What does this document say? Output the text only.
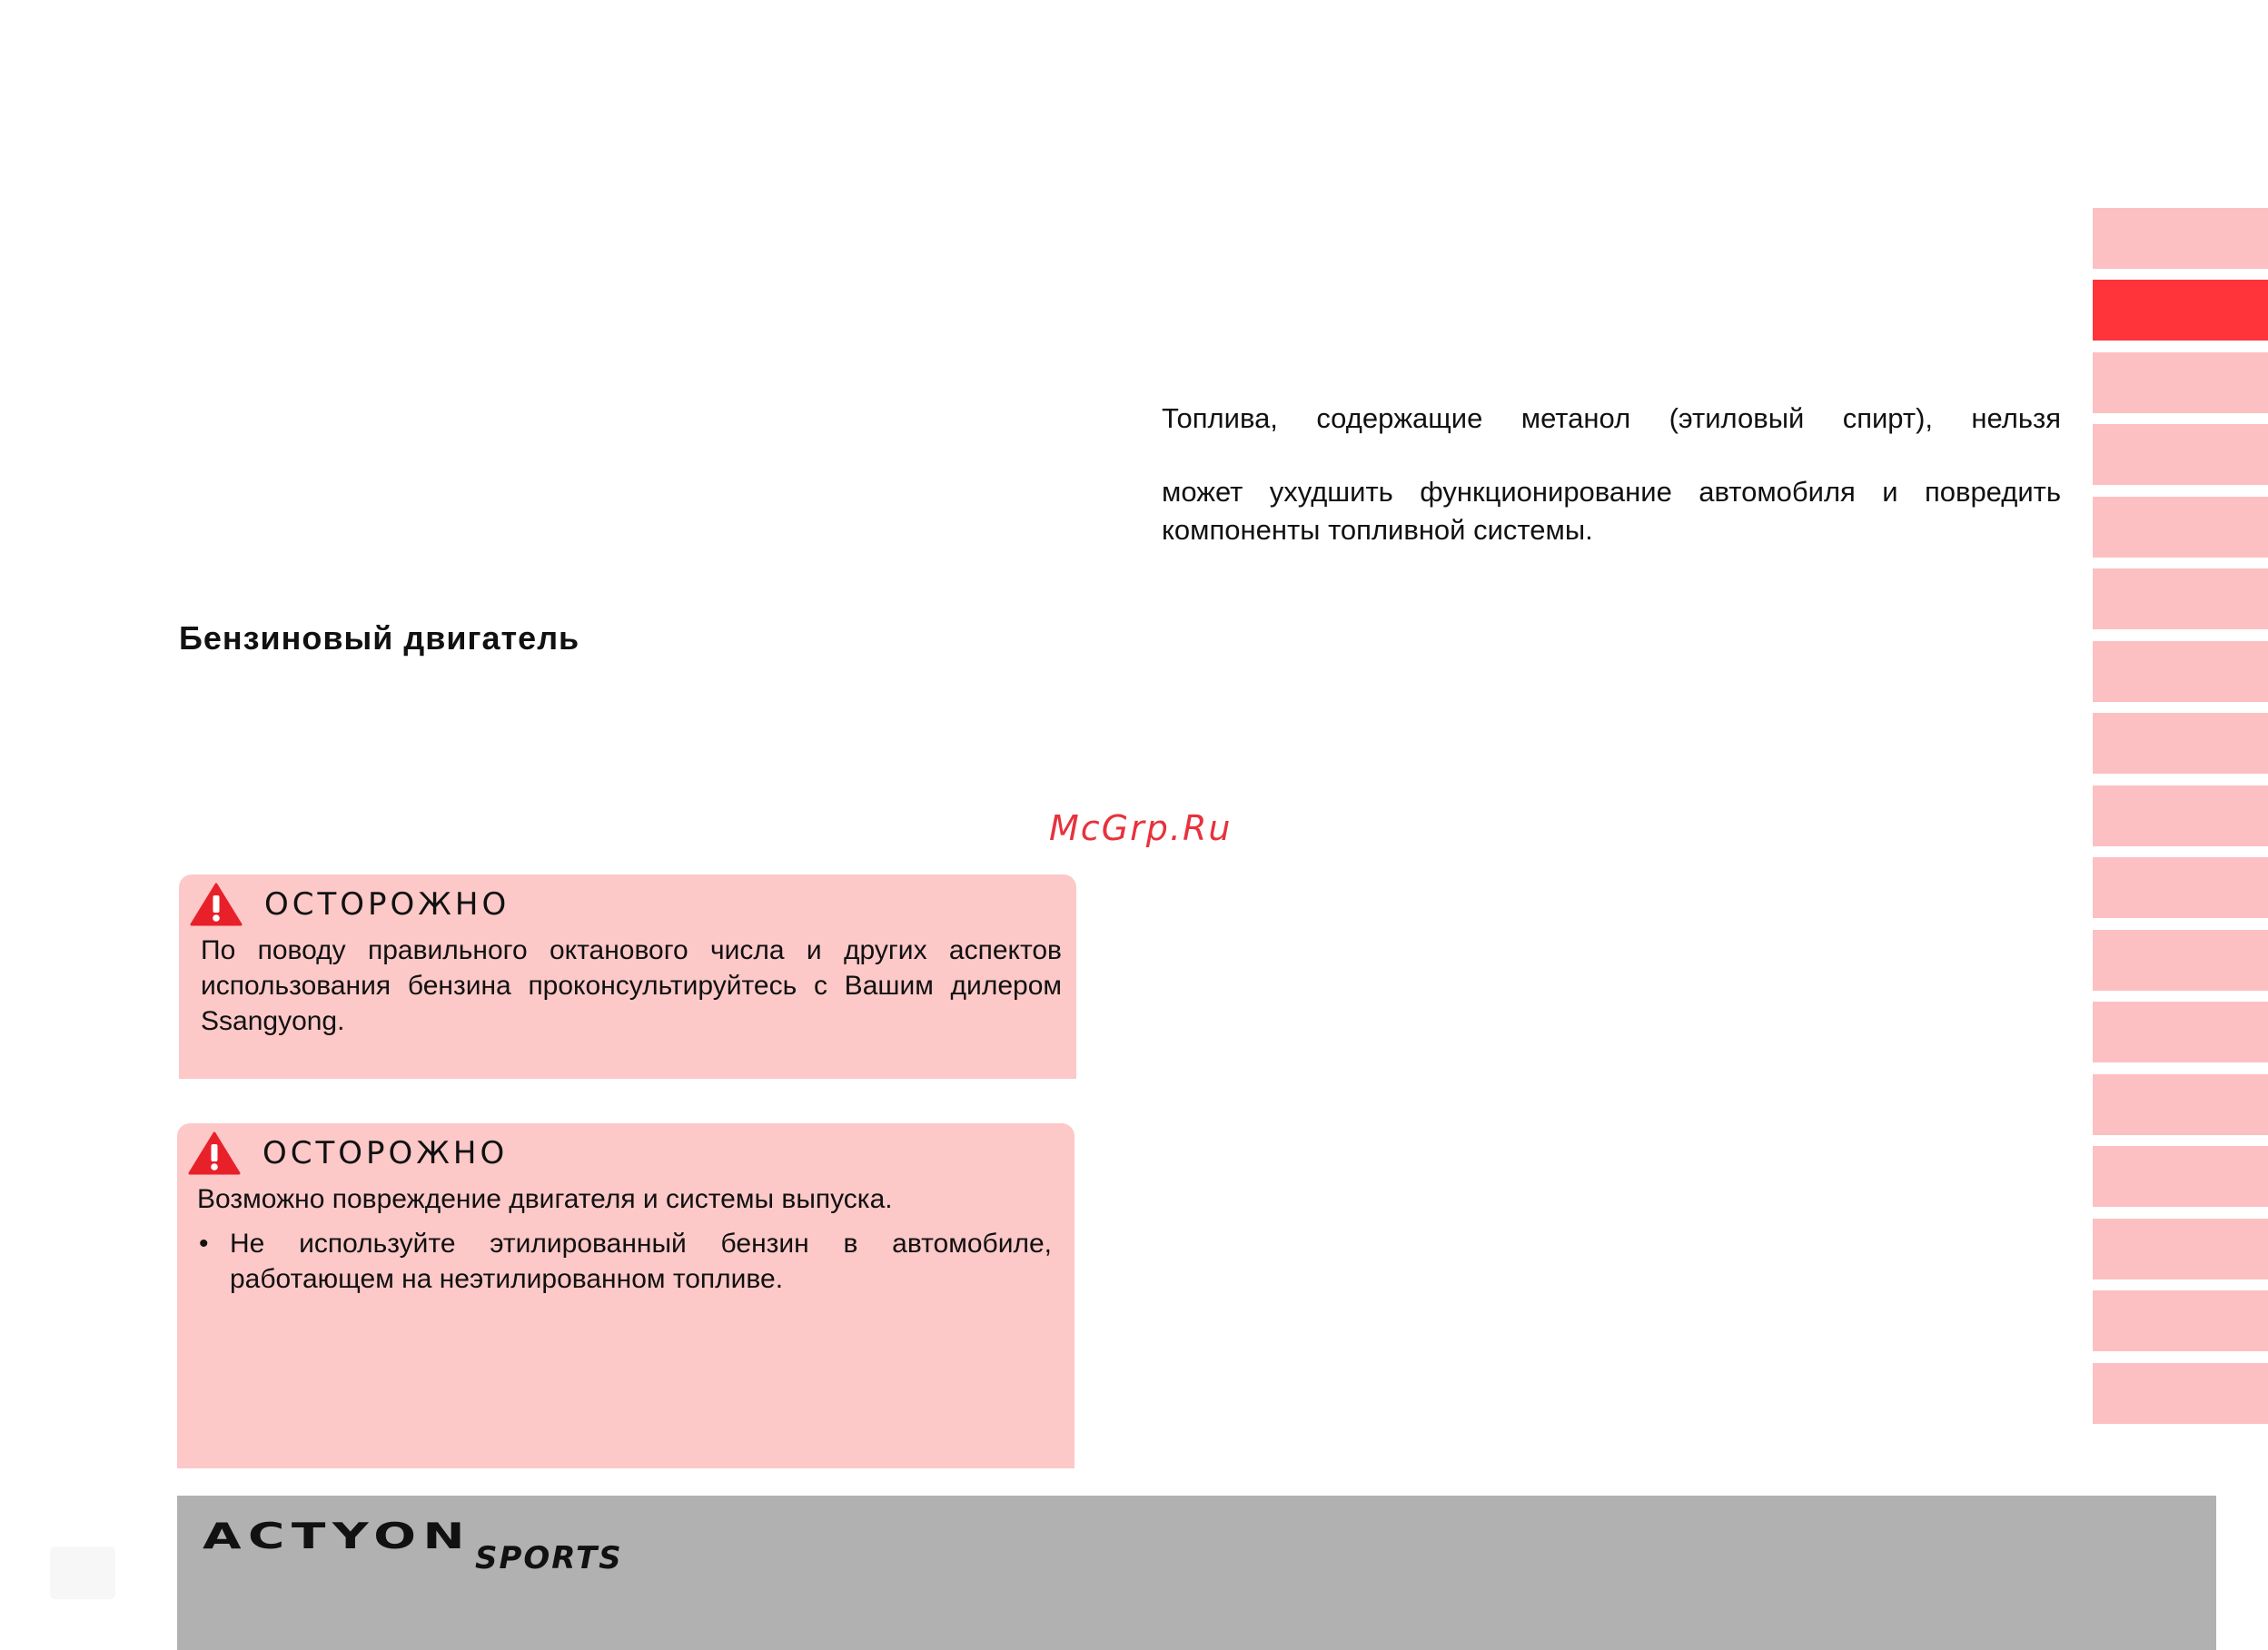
Топлива, содержащие метанол (этиловый спирт), нельзя
может ухудшить функционирование автомобиля и повредить
компоненты топливной системы.
Бензиновый двигатель
McGrp.Ru
ОСТОРОЖНО
По поводу правильного октанового числа и других аспектов
использования бензина проконсультируйтесь с Вашим дилером
Ssangyong.
ОСТОРОЖНО
Возможно повреждение двигателя и системы выпуска.
• Не используйте этилированный бензин в автомобиле,
работающем на неэтилированном топливе.
ACTYON
SPORTS
